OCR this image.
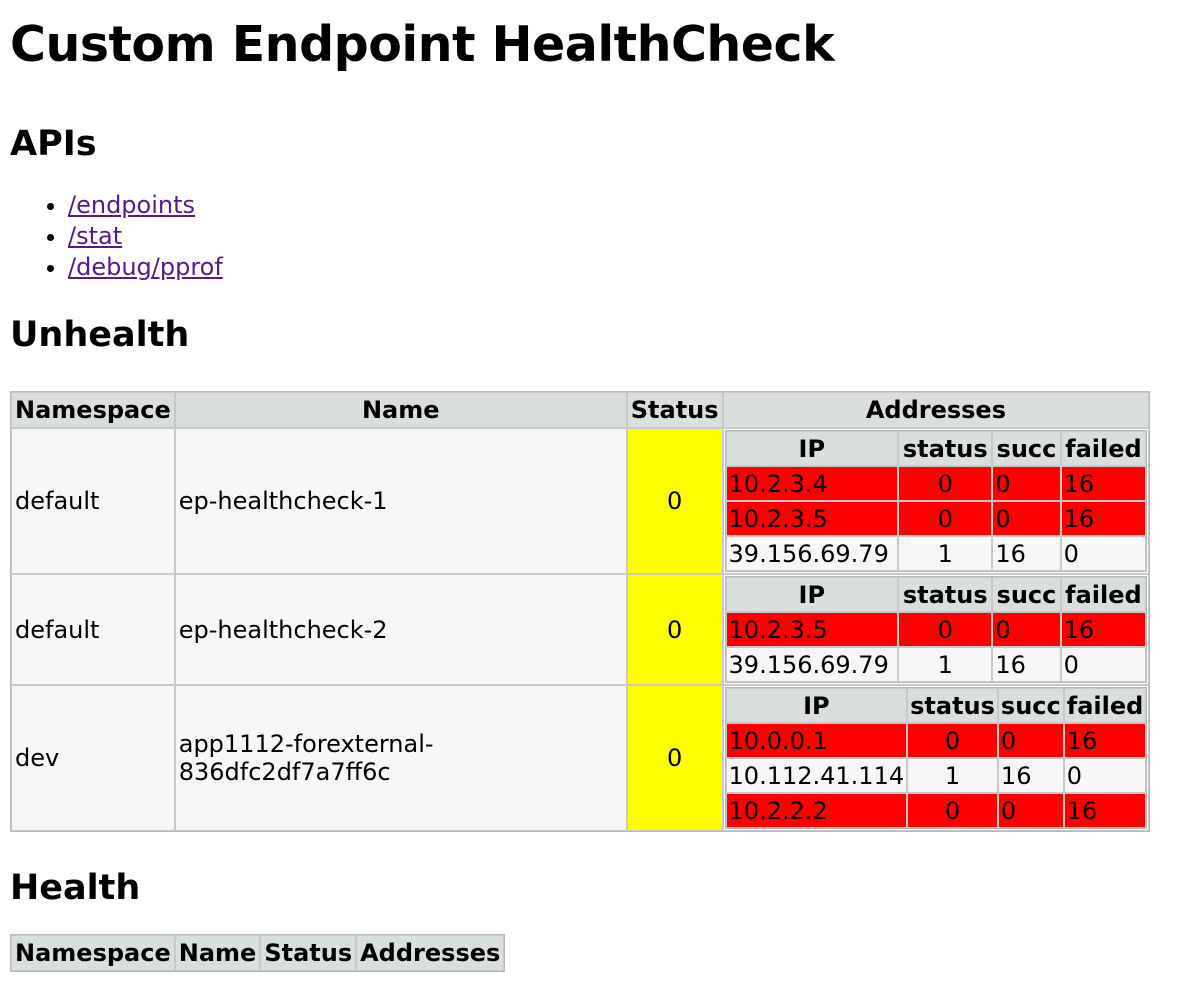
Custom Endpoint HealthCheck
APIs
• /endpoints
• /stat
• /debug/pprof
Unhealth
Namespace	Name	Status	Addresses
default	ep-healthcheck-1	0	
IP	status	succ	failed
10.2.3.4	0	0	16
10.2.3.5	0	0	16
39.156.69.79	1	16	0

default	ep-healthcheck-2	0	
IP	status	succ	failed
10.2.3.5	0	0	16
39.156.69.79	1	16	0

dev	app1112-forexternal-836dfc2df7a7ff6c	0	
IP	status	succ	failed
10.0.0.1	0	0	16
10.112.41.114	1	16	0
10.2.2.2	0	0	16
Health
Namespace	Name	Status	Addresses
